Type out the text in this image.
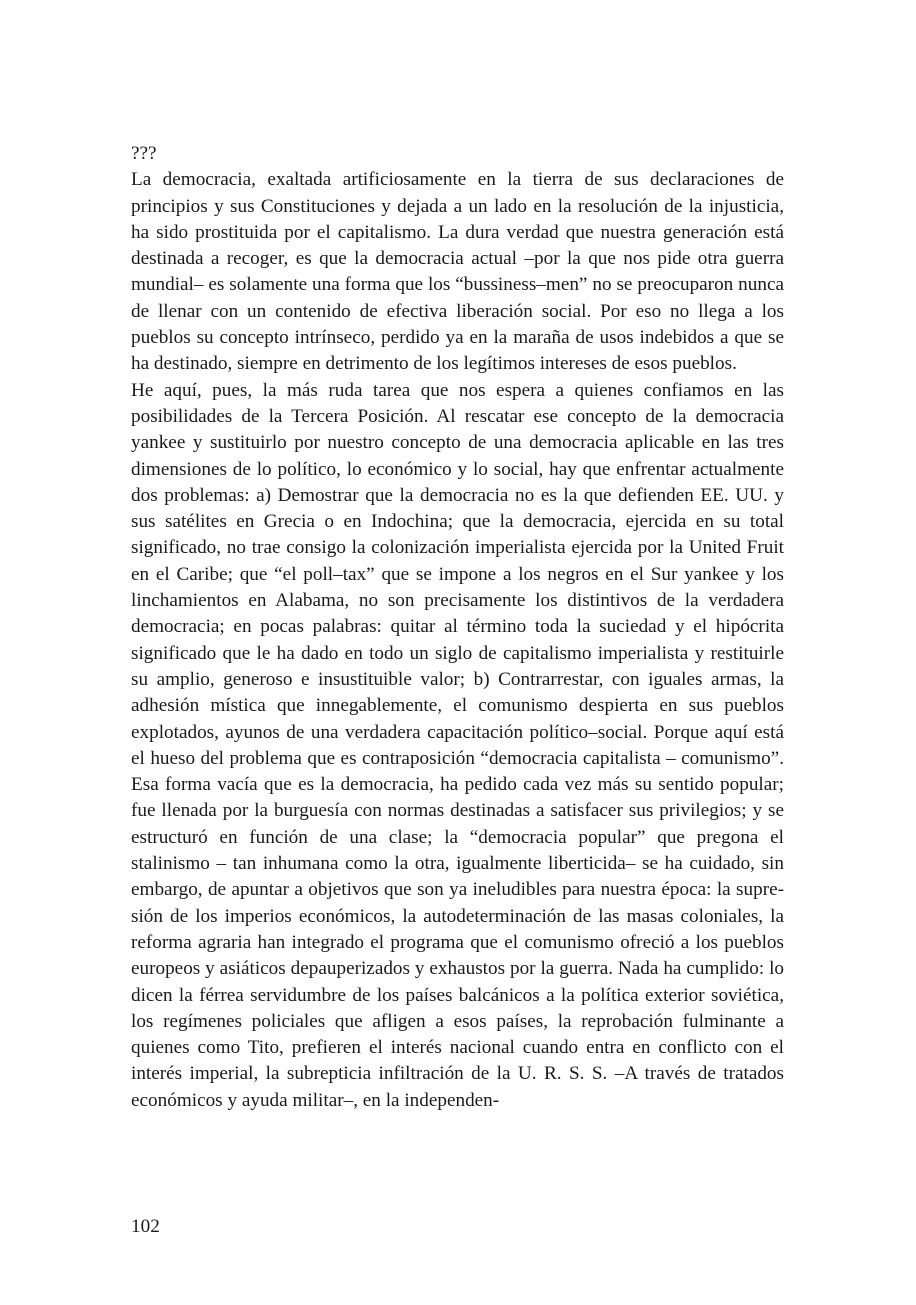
???

La democracia, exaltada artificiosamente en la tierra de sus declaraciones de principios y sus Constituciones y dejada a un lado en la resolución de la injusticia, ha sido prostituida por el capitalismo. La dura verdad que nuestra generación está destinada a recoger, es que la democracia actual –por la que nos pide otra guerra mundial– es solamente una forma que los “bussiness–men” no se preocuparon nunca de llenar con un contenido de efectiva liberación social. Por eso no llega a los pueblos su concepto intrínseco, perdido ya en la maraña de usos indebidos a que se ha destinado, siempre en detrimento de los legítimos intereses de esos pueblos.

He aquí, pues, la más ruda tarea que nos espera a quienes confiamos en las posibilidades de la Tercera Posición. Al rescatar ese concepto de la democracia yankee y sustituirlo por nuestro concepto de una democracia aplicable en las tres dimensiones de lo político, lo económico y lo social, hay que enfrentar actualmente dos problemas: a) Demostrar que la democracia no es la que defienden EE. UU. y sus satélites en Grecia o en Indochina; que la democracia, ejercida en su total significado, no trae consigo la colonización imperialista ejercida por la United Fruit en el Caribe; que “el poll–tax” que se impone a los negros en el Sur yankee y los linchamientos en Alabama, no son precisamente los distintivos de la verdadera democracia; en pocas palabras: quitar al término toda la suciedad y el hipócrita significado que le ha dado en todo un siglo de capitalismo imperialista y restituirle su amplio, generoso e insustituible valor; b) Contrarrestar, con iguales armas, la adhesión mística que innegablemente, el comunismo despierta en sus pueblos explotados, ayunos de una verdadera capacitación político–social. Porque aquí está el hueso del problema que es contraposición “democracia capitalista – comunismo”. Esa forma vacía que es la democracia, ha pedido cada vez más su sentido popular; fue llenada por la burguesía con normas destinadas a satisfacer sus privilegios; y se estructuró en función de una clase; la “democracia popular” que pregona el stalinismo – tan inhumana como la otra, igualmente liberticida– se ha cuidado, sin embargo, de apuntar a objetivos que son ya ineludibles para nuestra época: la supresión de los imperios económicos, la autodeterminación de las masas coloniales, la reforma agraria han integrado el programa que el comunismo ofreció a los pueblos europeos y asiáticos depauperizados y exhaustos por la guerra. Nada ha cumplido: lo dicen la férrea servidumbre de los países balcánicos a la política exterior soviética, los regímenes policiales que afligen a esos países, la reprobación fulminante a quienes como Tito, prefieren el interés nacional cuando entra en conflicto con el interés imperial, la subrepticia infiltración de la U. R. S. S. –A través de tratados económicos y ayuda militar–, en la independen-

102
